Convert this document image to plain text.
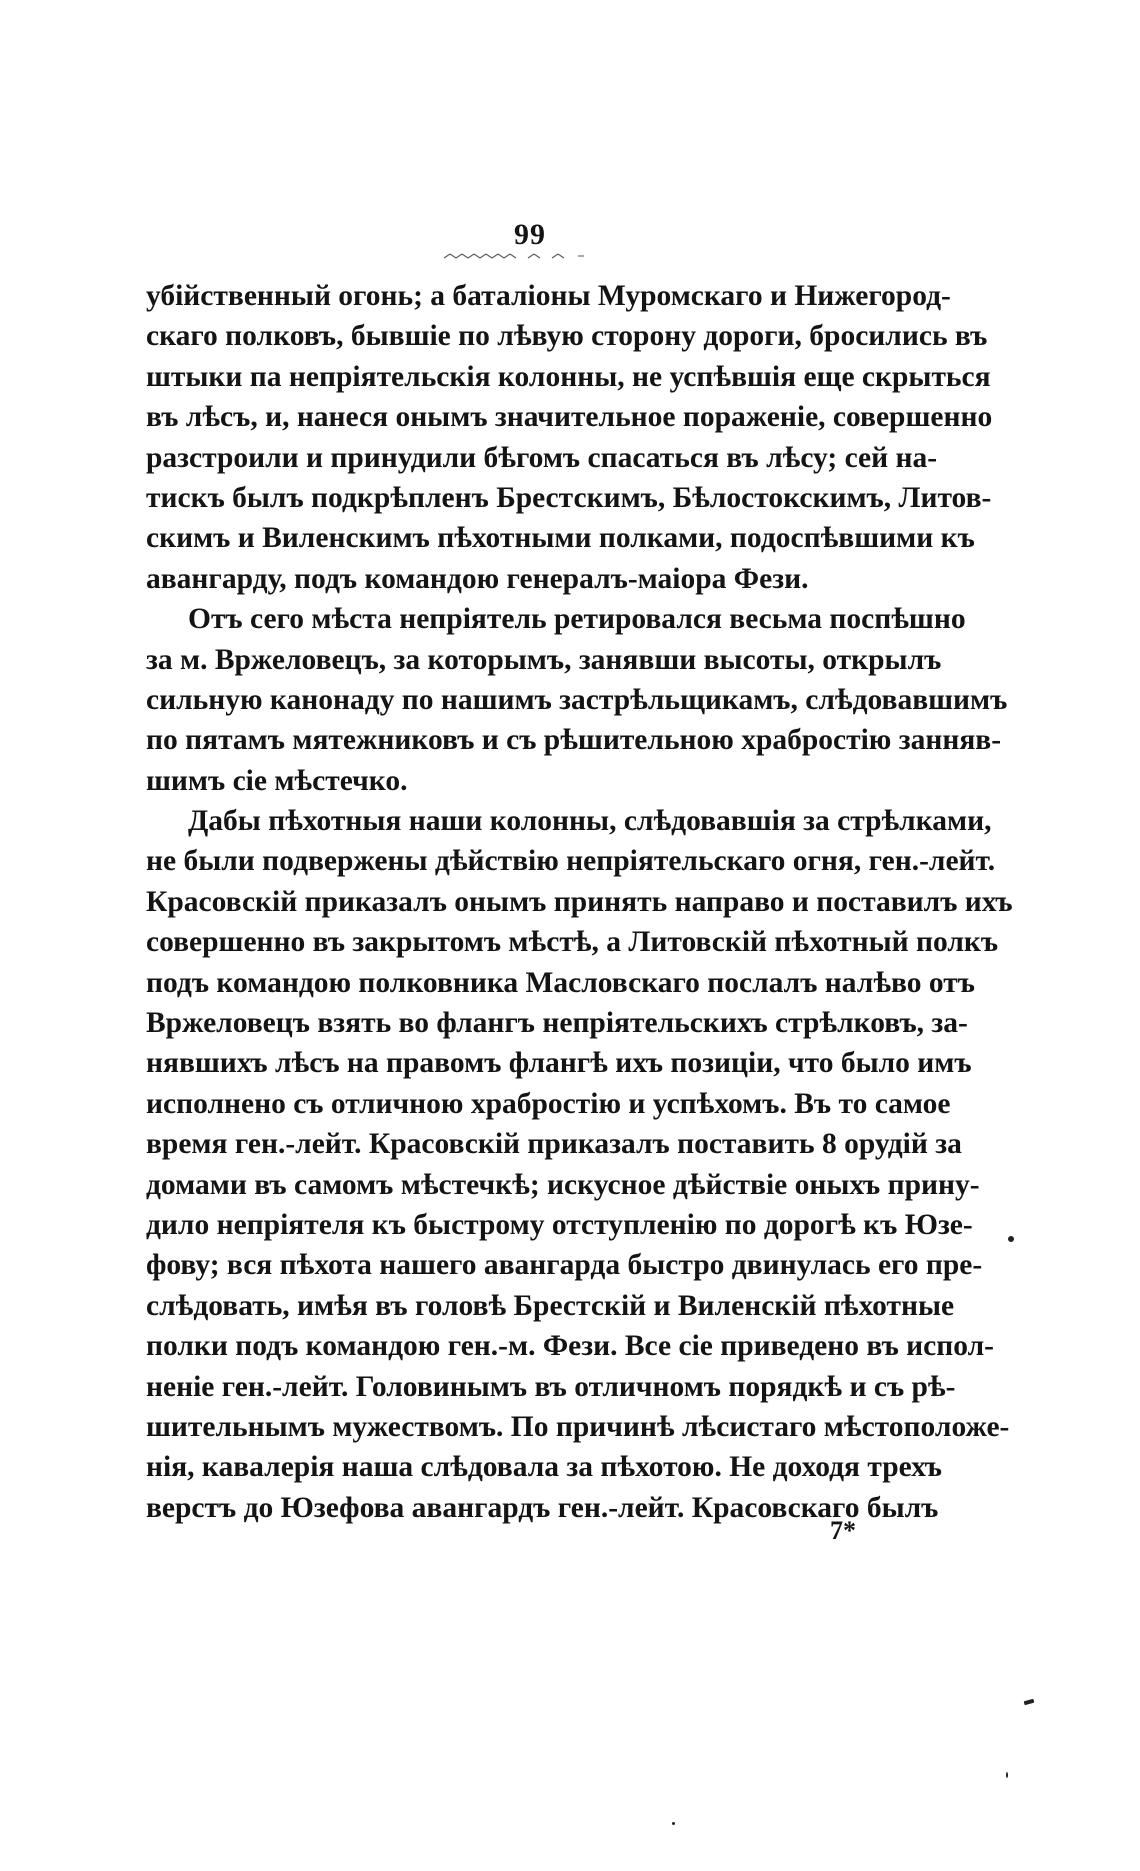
99
убійственный огонь; а баталіоны Муромскаго и Нижегород-
скаго полковъ, бывшіе по лѣвую сторону дороги, бросились въ
штыки па непріятельскія колонны, не успѣвшія еще скрыться
въ лѣсъ, и, нанеся онымъ значительное пораженіе, совершенно
разстроили и принудили бѣгомъ спасаться въ лѣсу; сей на-
тискъ былъ подкрѣпленъ Брестскимъ, Бѣлостокскимъ, Литов-
скимъ и Виленскимъ пѣхотными полками, подоспѣвшими къ
авангарду, подъ командою генералъ-маіора Фези.
Отъ сего мѣста непріятель ретировался весьма поспѣшно
за м. Вржеловецъ, за которымъ, занявши высоты, открылъ
сильную канонаду по нашимъ застрѣльщикамъ, слѣдовавшимъ
по пятамъ мятежниковъ и съ рѣшительною храбростію занняв-
шимъ сіе мѣстечко.
Дабы пѣхотныя наши колонны, слѣдовавшія за стрѣлками,
не были подвержены дѣйствію непріятельскаго огня, ген.-лейт.
Красовскій приказалъ онымъ принять направо и поставилъ ихъ
совершенно въ закрытомъ мѣстѣ, а Литовскій пѣхотный полкъ
подъ командою полковника Масловскаго послалъ налѣво отъ
Вржеловецъ взять во флангъ непріятельскихъ стрѣлковъ, за-
нявшихъ лѣсъ на правомъ флангѣ ихъ позиціи, что было имъ
исполнено съ отличною храбростію и успѣхомъ. Въ то самое
время ген.-лейт. Красовскій приказалъ поставить 8 орудій за
домами въ самомъ мѣстечкѣ; искусное дѣйствіе оныхъ прину-
дило непріятеля къ быстрому отступленію по дорогѣ къ Юзе-
фову; вся пѣхота нашего авангарда быстро двинулась его пре-
слѣдовать, имѣя въ головѣ Брестскій и Виленскій пѣхотные
полки подъ командою ген.-м. Фези. Все сіе приведено въ испол-
неніе ген.-лейт. Головинымъ въ отличномъ порядкѣ и съ рѣ-
шительнымъ мужествомъ. По причинѣ лѣсистаго мѣстоположе-
нія, кавалерія наша слѣдовала за пѣхотою. Не доходя трехъ
верстъ до Юзефова авангардъ ген.-лейт. Красовскаго былъ
7*
